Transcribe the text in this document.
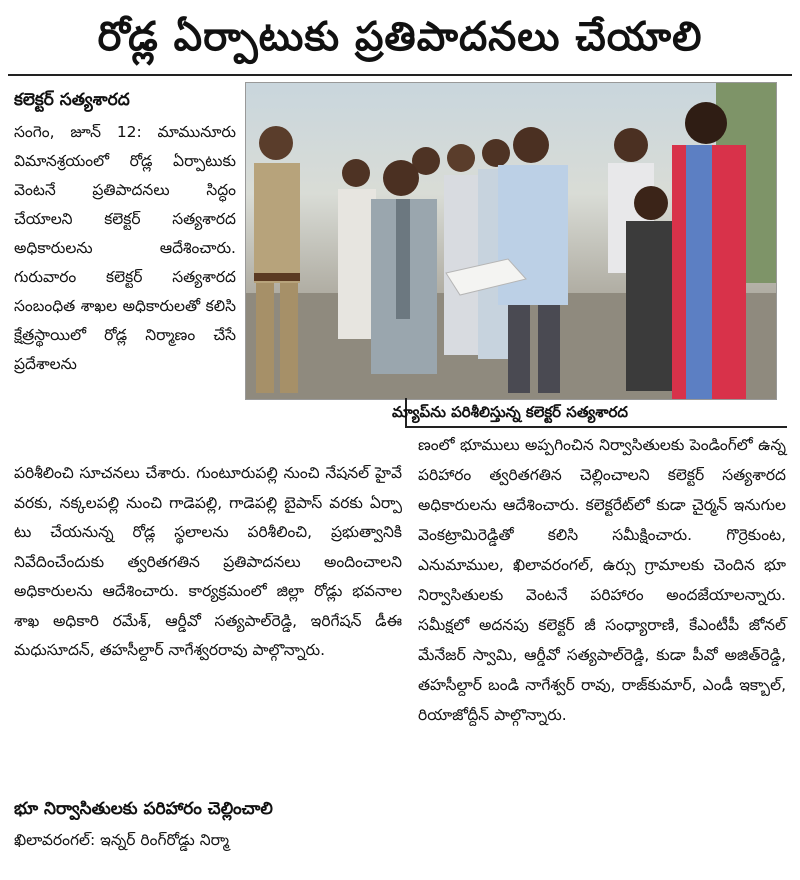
రోడ్ల ఏర్పాటుకు ప్రతిపాదనలు చేయాలి
కలెక్టర్ సత్యశారద

సంగెం, జూన్ 12: మామునూరు విమానశ్రయంలో రోడ్ల ఏర్పాటుకు వెంటనే ప్రతిపాదనలు సిద్ధం చేయాలని కలెక్టర్ సత్యశారద అధికారులను ఆదేశించారు. గురువారం కలెక్టర్ సత్యశారద సంబంధిత శాఖల అధికారులతో కలిసి క్షేత్రస్థాయిలో రోడ్ల నిర్మాణం చేసే ప్రదేశాలను

మ్యాప్‌ను పరిశీలిస్తున్న కలెక్టర్ సత్యశారద

పరిశీలించి సూచనలు చేశారు. గుంటూరుపల్లి నుంచి నేషనల్ హైవే వరకు, నక్కలపల్లి నుంచి గాడెపల్లి, గాడెపల్లి బైపాస్ వరకు ఏర్పా టు చేయనున్న రోడ్ల స్థలాలను పరిశీలించి, ప్రభుత్వానికి నివేదించేందుకు త్వరితగతిన ప్రతిపాదనలు అందించాలని అధికారులను ఆదేశించారు. కార్యక్రమంలో జిల్లా రోడ్లు భవనాల శాఖ అధికారి రమేశ్, ఆర్డీవో సత్యపాల్‌రెడ్డి, ఇరిగేషన్ డీఈ మధుసూదన్, తహసీల్దార్ నాగేశ్వరరావు పాల్గొన్నారు.

భూ నిర్వాసితులకు పరిహారం చెల్లించాలి

ఖిలావరంగల్: ఇన్నర్ రింగ్‌రోడ్డు నిర్మా

ణంలో భూములు అప్పగించిన నిర్వాసితులకు పెండింగ్‌లో ఉన్న పరిహారం త్వరితగతిన చెల్లించాలని కలెక్టర్ సత్యశారద అధికారులను ఆదేశించారు. కలెక్టరేట్‌లో కుడా చైర్మన్ ఇనుగుల వెంకట్రామిరెడ్డితో కలిసి సమీక్షించారు. గొర్రెకుంట, ఎనుమాముల, ఖిలావరంగల్, ఉర్సు గ్రామాలకు చెందిన భూ నిర్వాసితులకు వెంటనే పరిహారం అందజేయాలన్నారు. సమీక్షలో అదనపు కలెక్టర్ జీ సంధ్యారాణి, కేఎంటీపీ జోనల్ మేనేజర్ స్వామి, ఆర్డీవో సత్యపాల్‌రెడ్డి, కుడా పీవో అజిత్‌రెడ్డి, తహసీల్దార్ బండి నాగేశ్వర్ రావు, రాజ్‌కుమార్, ఎండీ ఇక్బాల్, రియాజోద్దీన్ పాల్గొన్నారు.
